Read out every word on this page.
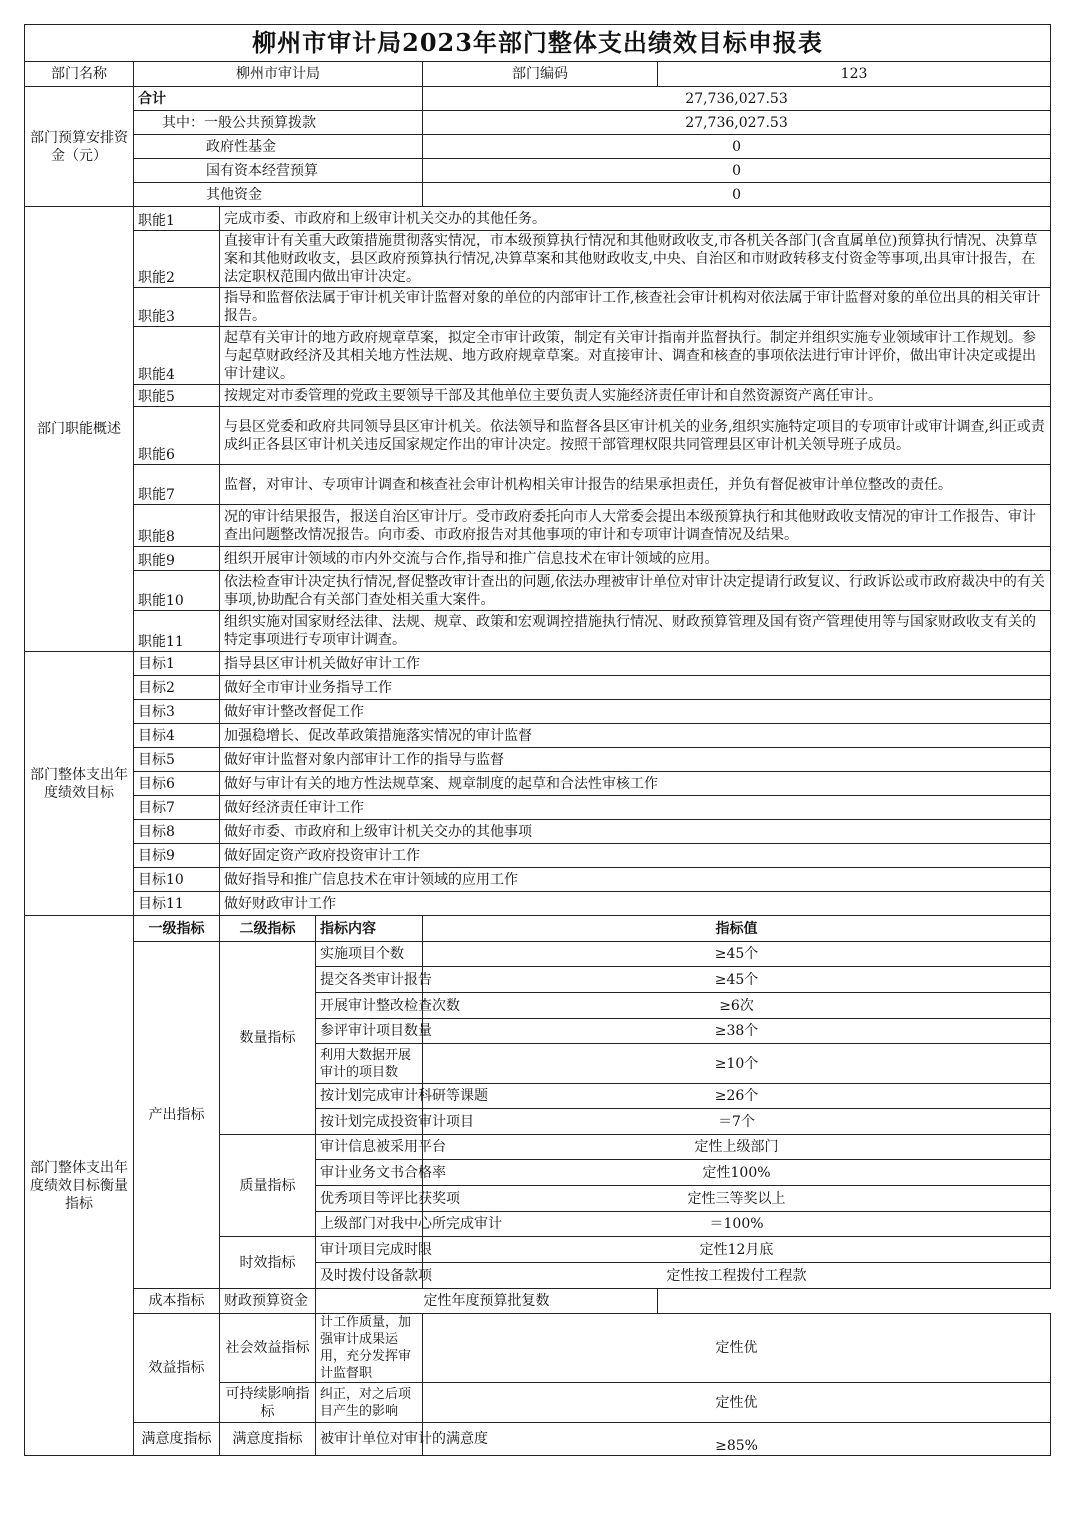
柳州市审计局2023年部门整体支出绩效目标申报表					
部门名称	柳州市审计局			部门编码	123
部门预算安排资金（元）	合计			27,736,027.53	
	其中：一般公共预算拨款			27,736,027.53	
	政府性基金			0	
	国有资本经营预算			0	
	其他资金			0	
部门职能概述	职能1	完成市委、市政府和上级审计机关交办的其他任务。			
	职能2	直接审计有关重大政策措施贯彻落实情况，市本级预算执行情况和其他财政收支,市各机关各部门(含直属单位)预算执行情况、决算草案和其他财政收支，县区政府预算执行情况,决算草案和其他财政收支,中央、自治区和市财政转移支付资金等事项,出具审计报告，在法定职权范围内做出审计决定。			
	职能3	指导和监督依法属于审计机关审计监督对象的单位的内部审计工作,核查社会审计机构对依法属于审计监督对象的单位出具的相关审计报告。			
	职能4	起草有关审计的地方政府规章草案，拟定全市审计政策，制定有关审计指南并监督执行。制定并组织实施专业领域审计工作规划。参与起草财政经济及其相关地方性法规、地方政府规章草案。对直接审计、调查和核查的事项依法进行审计评价，做出审计决定或提出审计建议。			
	职能5	按规定对市委管理的党政主要领导干部及其他单位主要负责人实施经济责任审计和自然资源资产离任审计。			
	职能6	与县区党委和政府共同领导县区审计机关。依法领导和监督各县区审计机关的业务,组织实施特定项目的专项审计或审计调查,纠正或责成纠正各县区审计机关违反国家规定作出的审计决定。按照干部管理权限共同管理县区审计机关领导班子成员。			
	职能7	监督，对审计、专项审计调查和核查社会审计机构相关审计报告的结果承担责任，并负有督促被审计单位整改的责任。			
	职能8	况的审计结果报告，报送自治区审计厅。受市政府委托向市人大常委会提出本级预算执行和其他财政收支情况的审计工作报告、审计查出问题整改情况报告。向市委、市政府报告对其他事项的审计和专项审计调查情况及结果。			
	职能9	组织开展审计领域的市内外交流与合作,指导和推广信息技术在审计领域的应用。			
	职能10	依法检查审计决定执行情况,督促整改审计查出的问题,依法办理被审计单位对审计决定提请行政复议、行政诉讼或市政府裁决中的有关事项,协助配合有关部门查处相关重大案件。			
	职能11	组织实施对国家财经法律、法规、规章、政策和宏观调控措施执行情况、财政预算管理及国有资产管理使用等与国家财政收支有关的特定事项进行专项审计调查。			
部门整体支出年度绩效目标	目标1	指导县区审计机关做好审计工作			
	目标2	做好全市审计业务指导工作			
	目标3	做好审计整改督促工作			
	目标4	加强稳增长、促改革政策措施落实情况的审计监督			
	目标5	做好审计监督对象内部审计工作的指导与监督			
	目标6	做好与审计有关的地方性法规草案、规章制度的起草和合法性审核工作			
	目标7	做好经济责任审计工作			
	目标8	做好市委、市政府和上级审计机关交办的其他事项			
	目标9	做好固定资产政府投资审计工作			
	目标10	做好指导和推广信息技术在审计领域的应用工作			
	目标11	做好财政审计工作			
部门整体支出年度绩效目标衡量指标	一级指标	二级指标	指标内容	指标值	
	产出指标	数量指标	实施项目个数	≥45个	
			提交各类审计报告	≥45个	
			开展审计整改检查次数	≥6次	
			参评审计项目数量	≥38个	
			利用大数据开展审计的项目数	≥10个	
			按计划完成审计科研等课题	≥26个	
			按计划完成投资审计项目	＝7个	
		质量指标	审计信息被采用平台	定性上级部门	
			审计业务文书合格率	定性100%	
			优秀项目等评比获奖项	定性三等奖以上	
			上级部门对我中心所完成审计	＝100%	
		时效指标	审计项目完成时限	定性12月底	
			及时拨付设备款项	定性按工程拨付工程款	
	成本指标	财政预算资金	定性年度预算批复数		
	效益指标	社会效益指标	计工作质量，加强审计成果运用，充分发挥审计监督职	定性优	
		可持续影响指标	纠正，对之后项目产生的影响	定性优	
	满意度指标	满意度指标	被审计单位对审计的满意度	≥85%	
